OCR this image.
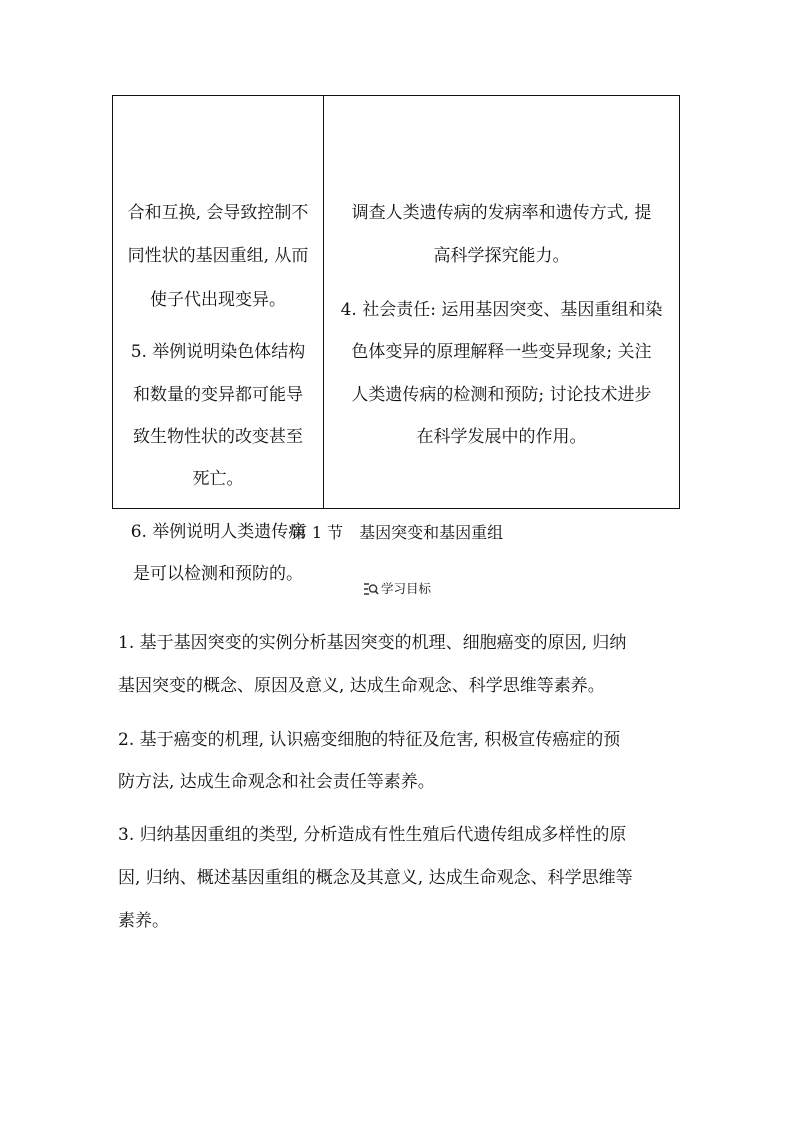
合和互换, 会导致控制不
同性状的基因重组, 从而
使子代出现变异。
5. 举例说明染色体结构
和数量的变异都可能导
致生物性状的改变甚至
死亡。
6. 举例说明人类遗传病
是可以检测和预防的。
调查人类遗传病的发病率和遗传方式, 提
高科学探究能力。
4. 社会责任: 运用基因突变、基因重组和染
色体变异的原理解释一些变异现象; 关注
人类遗传病的检测和预防; 讨论技术进步
在科学发展中的作用。
第 1 节　基因突变和基因重组
学习目标
1. 基于基因突变的实例分析基因突变的机理、细胞癌变的原因, 归纳
基因突变的概念、原因及意义, 达成生命观念、科学思维等素养。
2. 基于癌变的机理, 认识癌变细胞的特征及危害, 积极宣传癌症的预
防方法, 达成生命观念和社会责任等素养。
3. 归纳基因重组的类型, 分析造成有性生殖后代遗传组成多样性的原
因, 归纳、概述基因重组的概念及其意义, 达成生命观念、科学思维等
素养。
